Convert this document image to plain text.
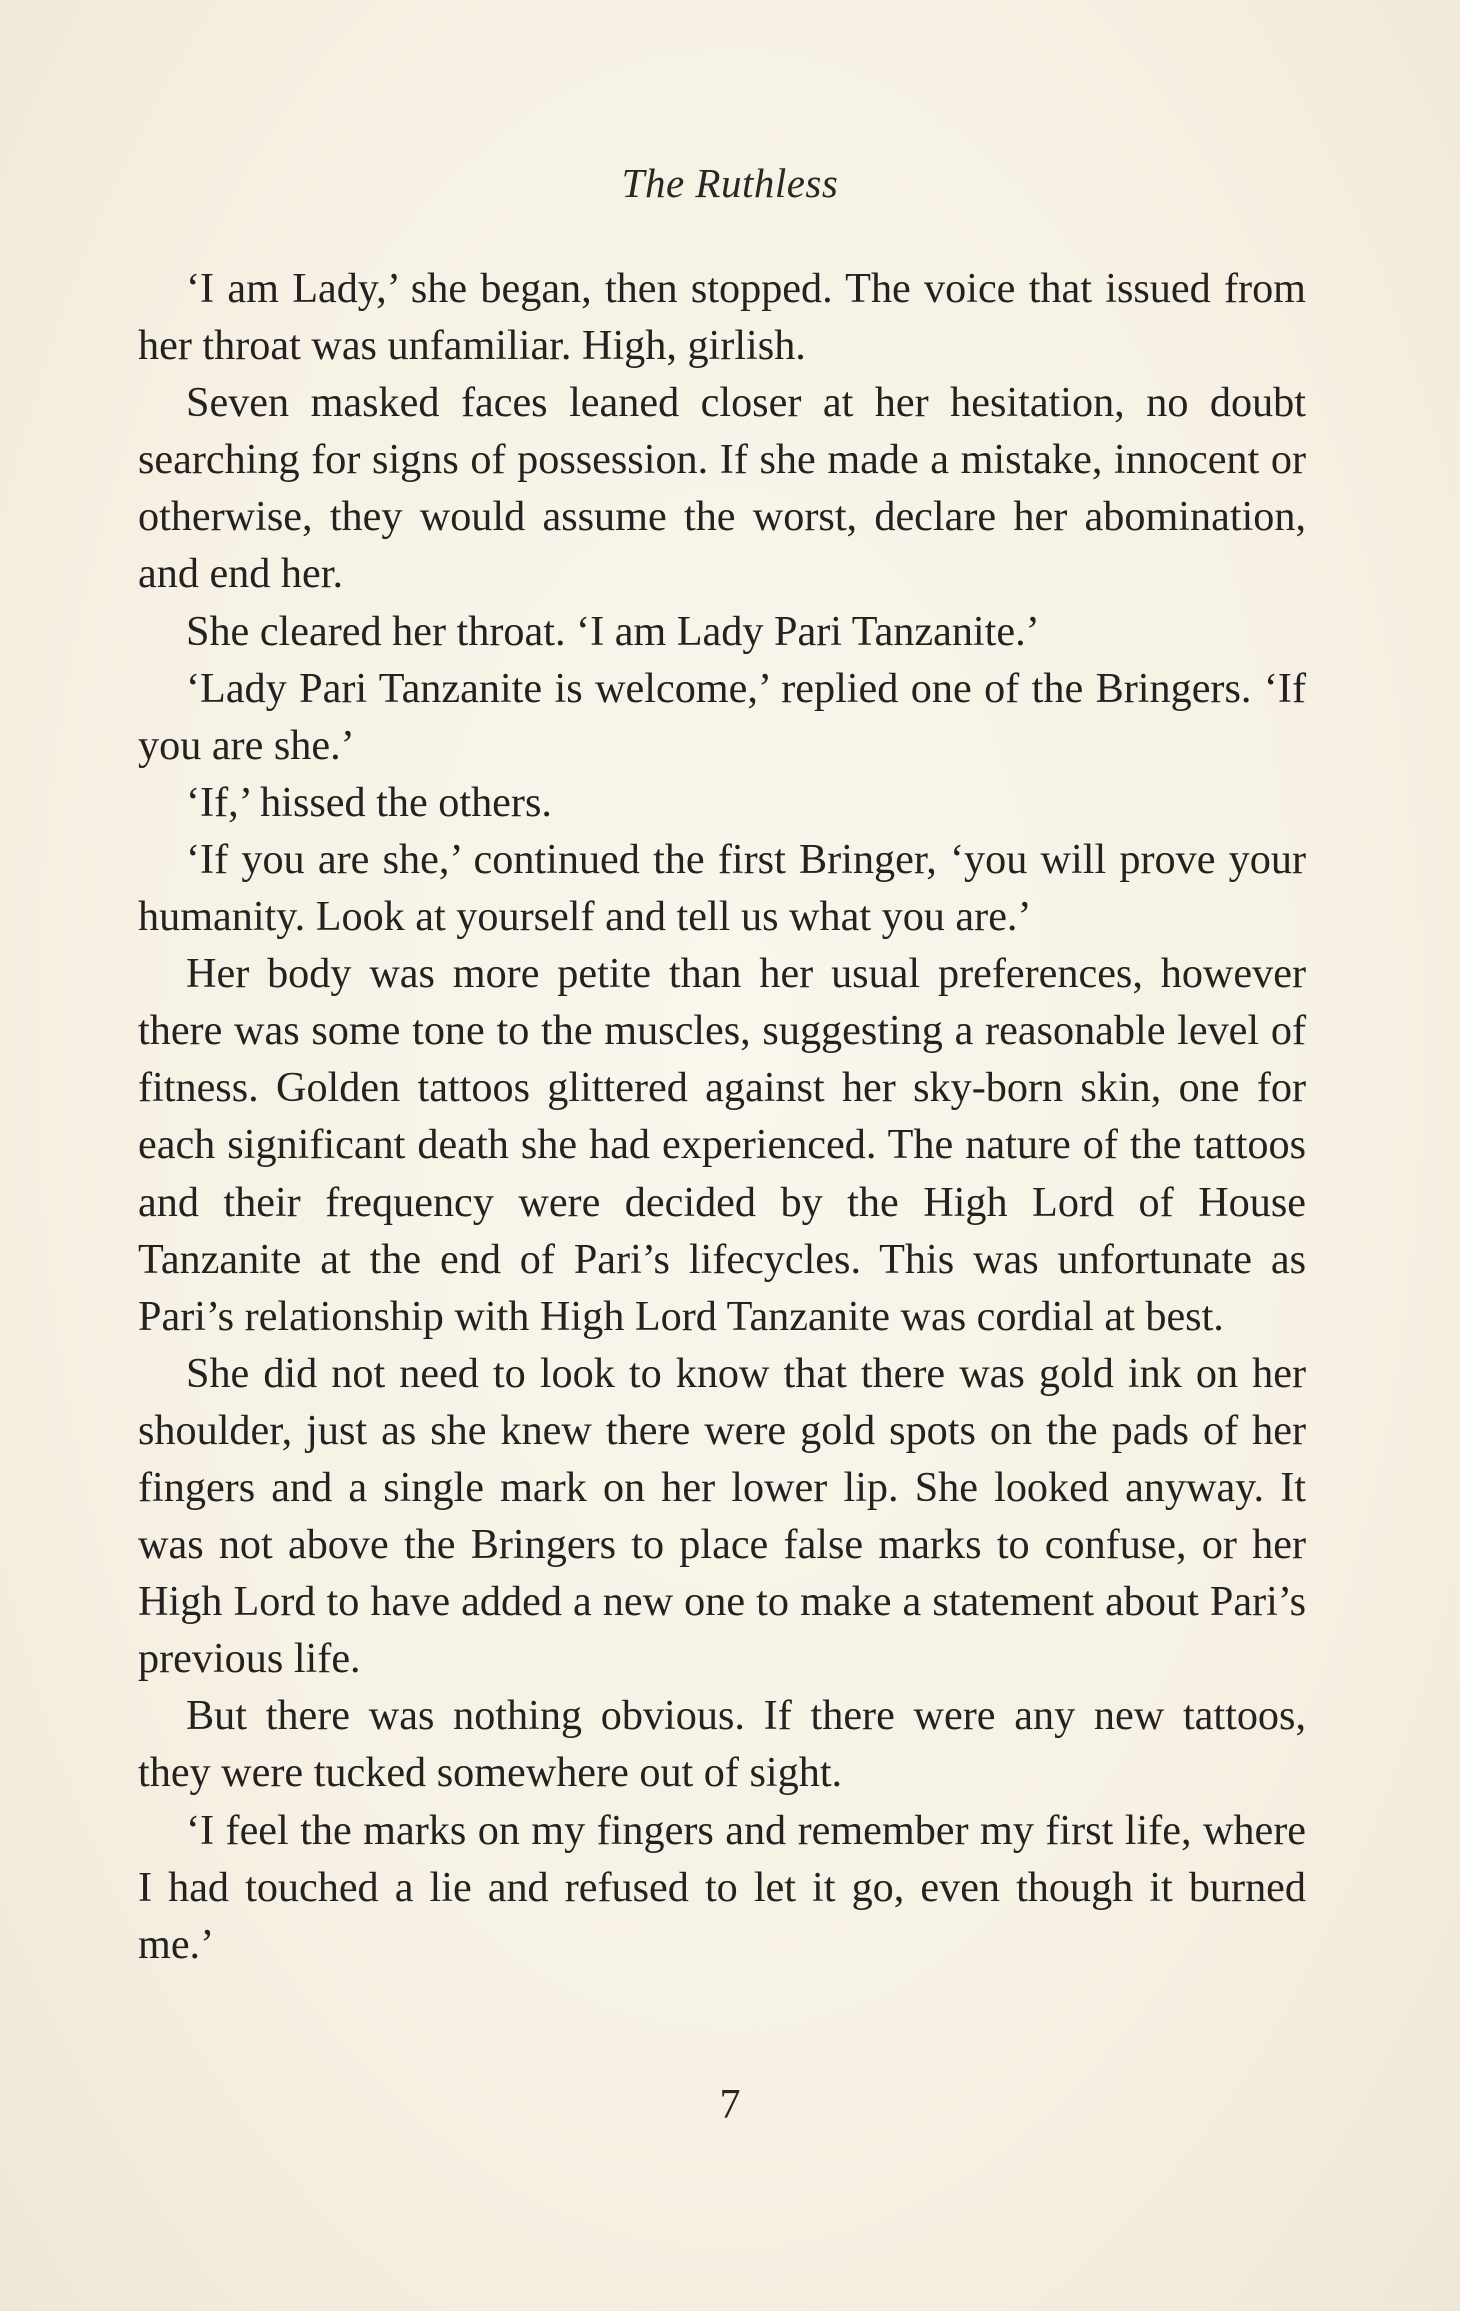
The Ruthless

‘I am Lady,’ she began, then stopped. The voice that issued from her throat was unfamiliar. High, girlish.

Seven masked faces leaned closer at her hesitation, no doubt searching for signs of possession. If she made a mistake, innocent or otherwise, they would assume the worst, declare her abomination, and end her.

She cleared her throat. ‘I am Lady Pari Tanzanite.’

‘Lady Pari Tanzanite is welcome,’ replied one of the Bringers. ‘If you are she.’

‘If,’ hissed the others.

‘If you are she,’ continued the first Bringer, ‘you will prove your humanity. Look at yourself and tell us what you are.’

Her body was more petite than her usual preferences, however there was some tone to the muscles, suggesting a reasonable level of fitness. Golden tattoos glittered against her sky-born skin, one for each significant death she had experienced. The nature of the tattoos and their frequency were decided by the High Lord of House Tanzanite at the end of Pari’s lifecycles. This was unfortunate as Pari’s relationship with High Lord Tanzanite was cordial at best.

She did not need to look to know that there was gold ink on her shoulder, just as she knew there were gold spots on the pads of her fingers and a single mark on her lower lip. She looked anyway. It was not above the Bringers to place false marks to confuse, or her High Lord to have added a new one to make a statement about Pari’s previous life.

But there was nothing obvious. If there were any new tattoos, they were tucked somewhere out of sight.

‘I feel the marks on my fingers and remember my first life, where I had touched a lie and refused to let it go, even though it burned me.’

7
